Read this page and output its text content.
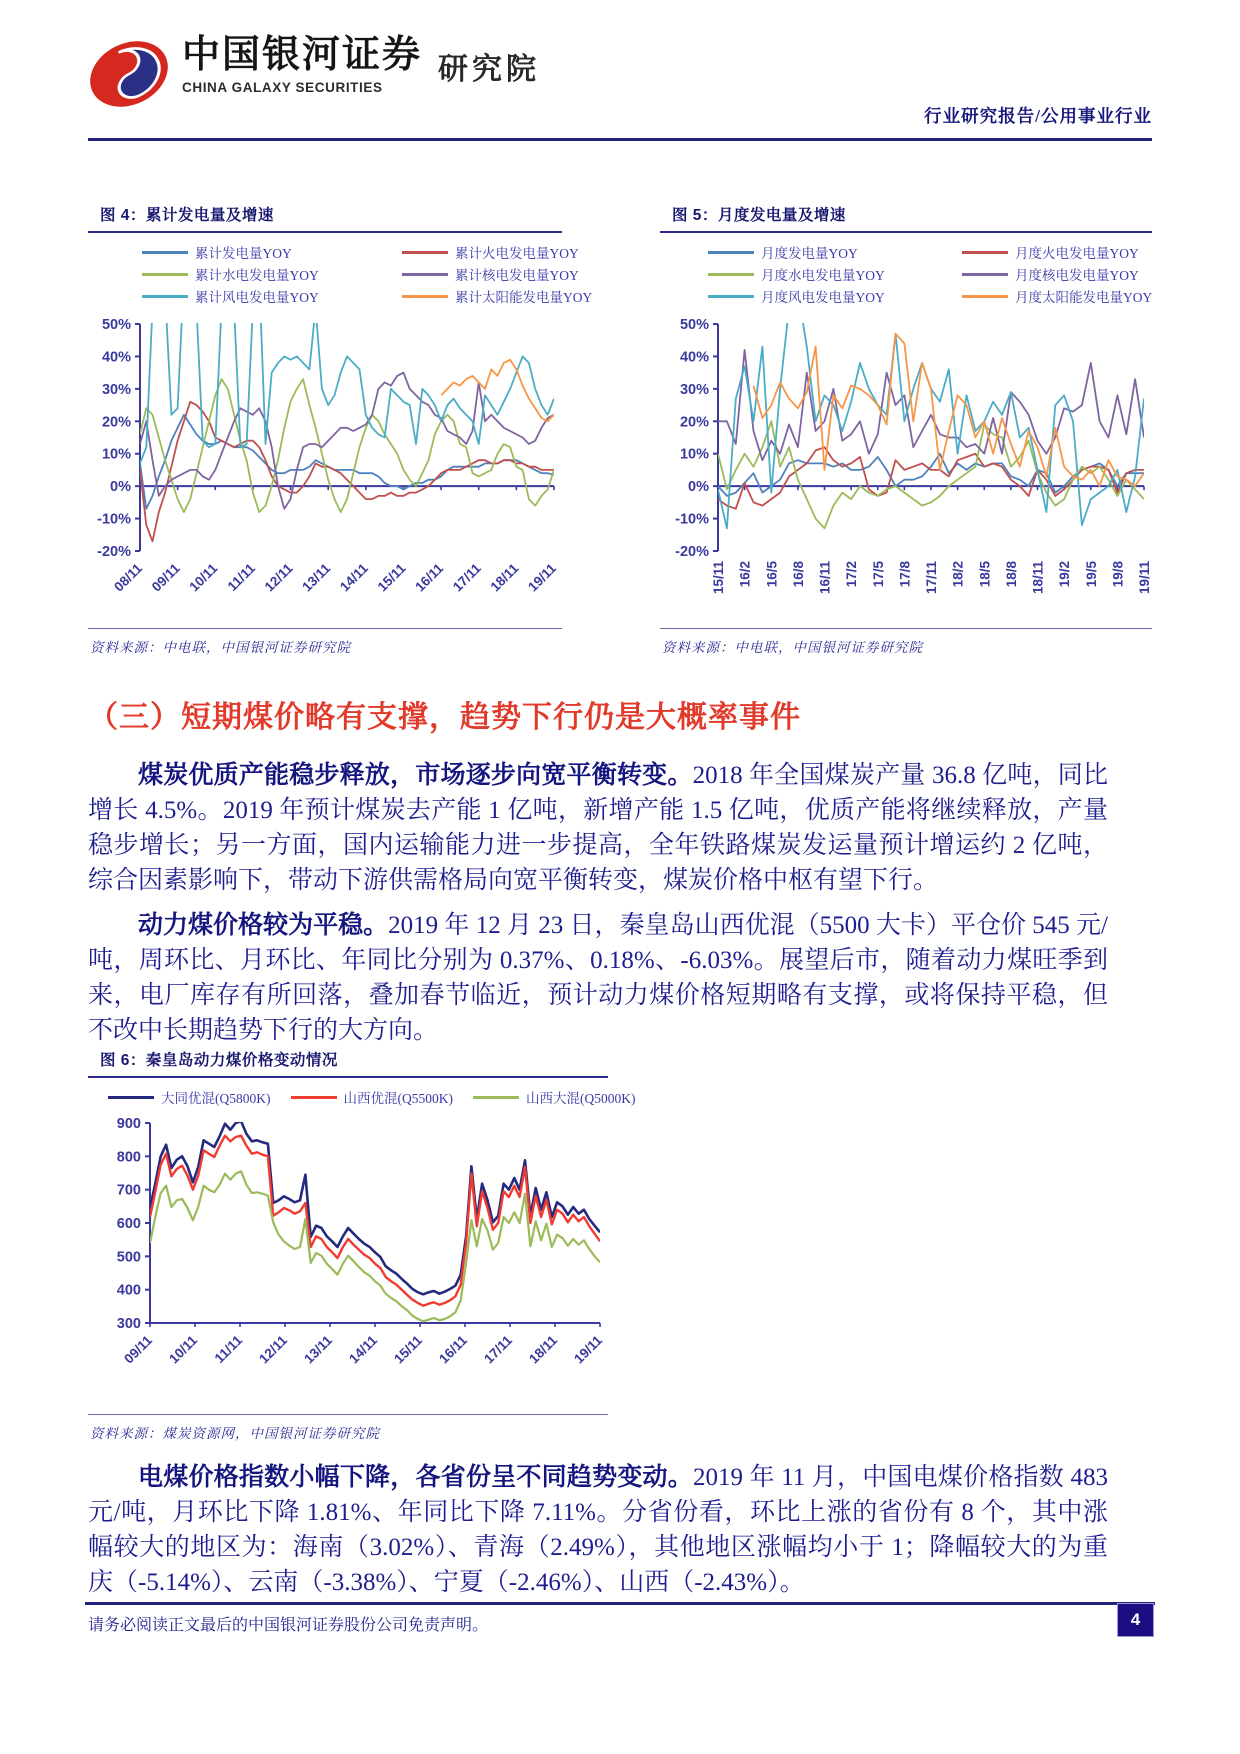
中国银河证券
CHINA GALAXY SECURITIES
研究院
行业研究报告/公用事业行业
图 4：累计发电量及增速
累计发电量YOY	累计火电发电量YOY
累计水电发电量YOY	累计核电发电量YOY
累计风电发电量YOY	累计太阳能发电量YOY
50%
40%
30%
20%
10%
0%
-10%
-20%
08/11 09/11 10/11 11/11 12/11 13/11 14/11 15/11 16/11 17/11 18/11 19/11
资料来源：中电联，中国银河证券研究院
图 5：月度发电量及增速
月度发电量YOY	月度火电发电量YOY
月度水电发电量YOY	月度核电发电量YOY
月度风电发电量YOY	月度太阳能发电量YOY
50%
40%
30%
20%
10%
0%
-10%
-20%
15/11 16/2 16/5 16/8 16/11 17/2 17/5 17/8 17/11 18/2 18/5 18/8 18/11 19/2 19/5 19/8 19/11
资料来源：中电联，中国银河证券研究院
（三）短期煤价略有支撑，趋势下行仍是大概率事件

煤炭优质产能稳步释放，市场逐步向宽平衡转变。2018 年全国煤炭产量 36.8 亿吨，同比增长 4.5%。2019 年预计煤炭去产能 1 亿吨，新增产能 1.5 亿吨，优质产能将继续释放，产量稳步增长；另一方面，国内运输能力进一步提高，全年铁路煤炭发运量预计增运约 2 亿吨，综合因素影响下，带动下游供需格局向宽平衡转变，煤炭价格中枢有望下行。

动力煤价格较为平稳。2019 年 12 月 23 日，秦皇岛山西优混（5500 大卡）平仓价 545 元/吨，周环比、月环比、年同比分别为 0.37%、0.18%、-6.03%。展望后市，随着动力煤旺季到来，电厂库存有所回落，叠加春节临近，预计动力煤价格短期略有支撑，或将保持平稳，但不改中长期趋势下行的大方向。

图 6：秦皇岛动力煤价格变动情况
大同优混(Q5800K)	山西优混(Q5500K)	山西大混(Q5000K)
900
800
700
600
500
400
300
09/11 10/11 11/11 12/11 13/11 14/11 15/11 16/11 17/11 18/11 19/11
资料来源：煤炭资源网，中国银河证券研究院

电煤价格指数小幅下降，各省份呈不同趋势变动。2019 年 11 月，中国电煤价格指数 483 元/吨，月环比下降 1.81%、年同比下降 7.11%。分省份看，环比上涨的省份有 8 个，其中涨幅较大的地区为：海南（3.02%）、青海（2.49%），其他地区涨幅均小于 1；降幅较大的为重庆（-5.14%）、云南（-3.38%）、宁夏（-2.46%）、山西（-2.43%）。

请务必阅读正文最后的中国银河证券股份公司免责声明。	4
